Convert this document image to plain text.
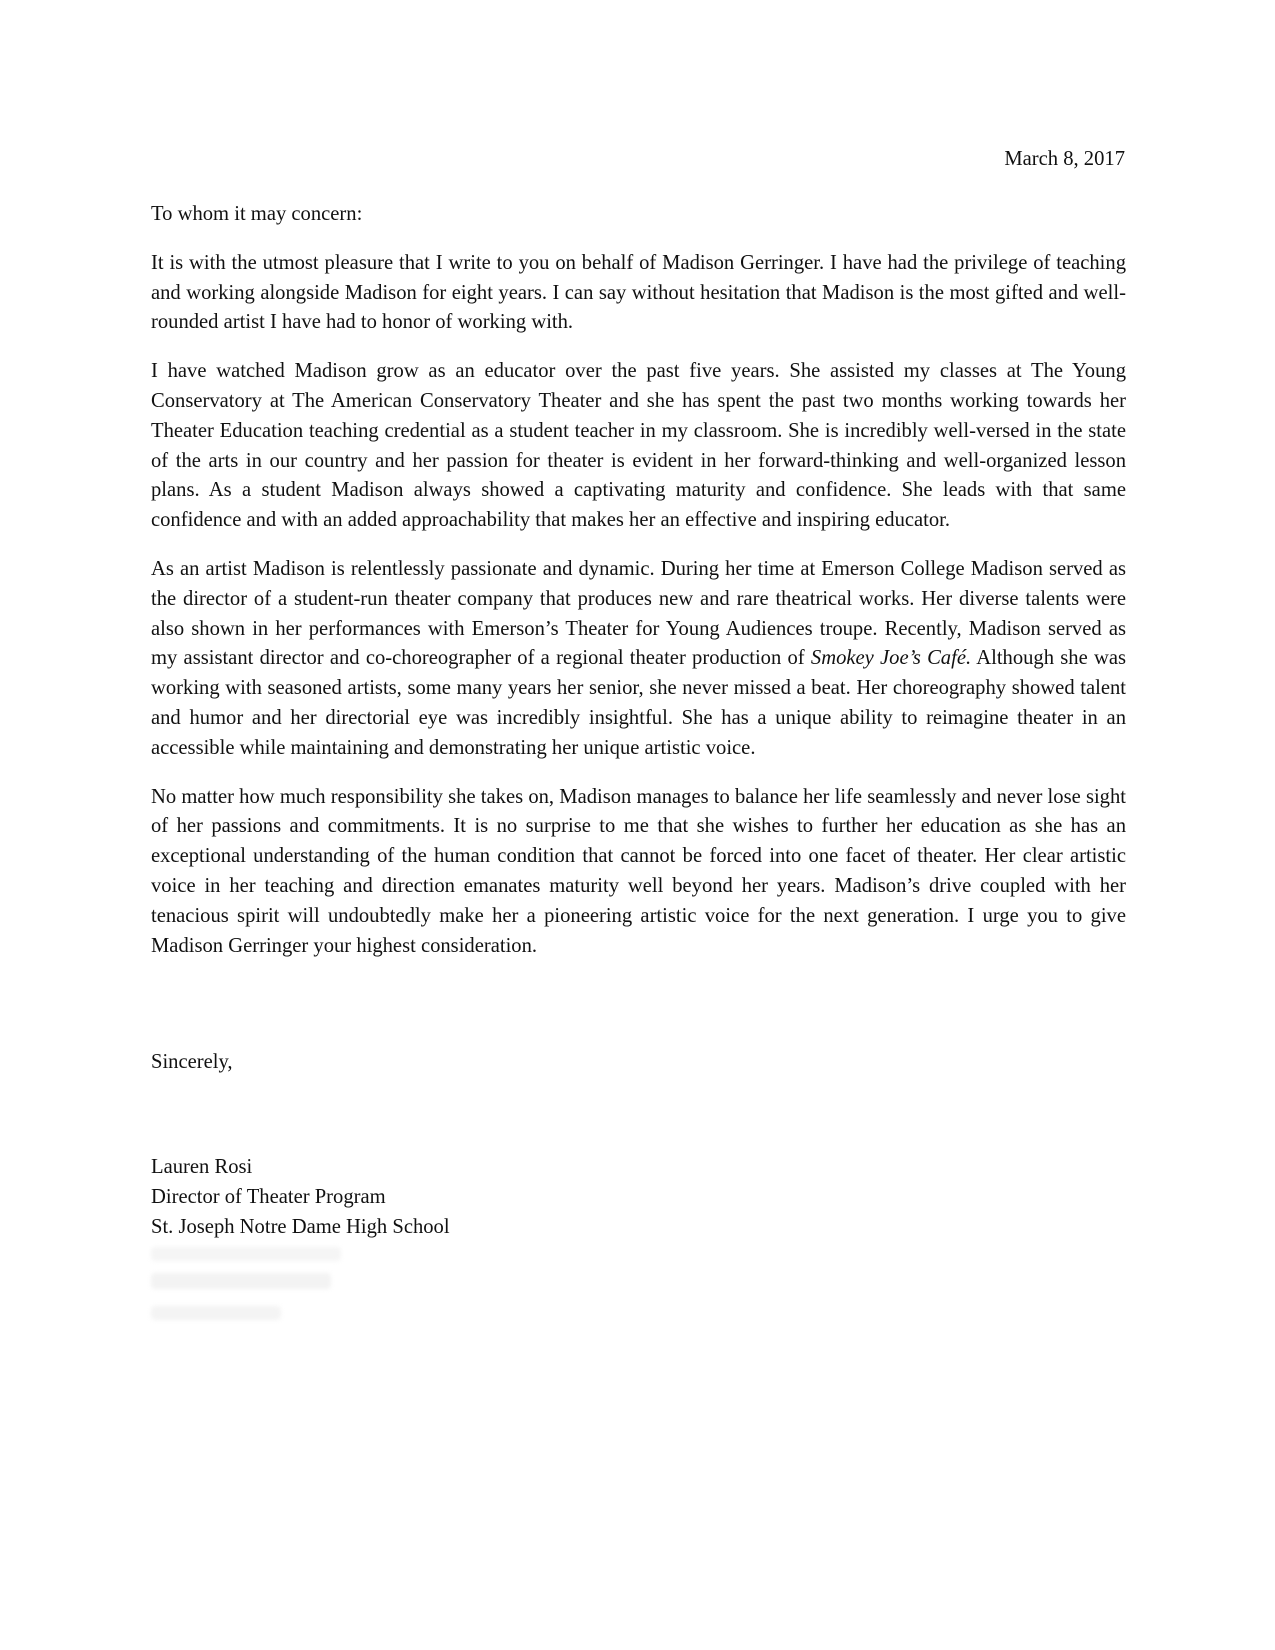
March 8, 2017

To whom it may concern:

It is with the utmost pleasure that I write to you on behalf of Madison Gerringer. I have had the privilege of teaching and working alongside Madison for eight years. I can say without hesitation that Madison is the most gifted and well-rounded artist I have had to honor of working with.

I have watched Madison grow as an educator over the past five years. She assisted my classes at The Young Conservatory at The American Conservatory Theater and she has spent the past two months working towards her Theater Education teaching credential as a student teacher in my classroom. She is incredibly well-versed in the state of the arts in our country and her passion for theater is evident in her forward-thinking and well-organized lesson plans. As a student Madison always showed a captivating maturity and confidence. She leads with that same confidence and with an added approachability that makes her an effective and inspiring educator.

As an artist Madison is relentlessly passionate and dynamic. During her time at Emerson College Madison served as the director of a student-run theater company that produces new and rare theatrical works. Her diverse talents were also shown in her performances with Emerson’s Theater for Young Audiences troupe. Recently, Madison served as my assistant director and co-choreographer of a regional theater production of Smokey Joe’s Café. Although she was working with seasoned artists, some many years her senior, she never missed a beat. Her choreography showed talent and humor and her directorial eye was incredibly insightful. She has a unique ability to reimagine theater in an accessible while maintaining and demonstrating her unique artistic voice.

No matter how much responsibility she takes on, Madison manages to balance her life seamlessly and never lose sight of her passions and commitments. It is no surprise to me that she wishes to further her education as she has an exceptional understanding of the human condition that cannot be forced into one facet of theater. Her clear artistic voice in her teaching and direction emanates maturity well beyond her years. Madison’s drive coupled with her tenacious spirit will undoubtedly make her a pioneering artistic voice for the next generation. I urge you to give Madison Gerringer your highest consideration.

Sincerely,

Lauren Rosi
Director of Theater Program
St. Joseph Notre Dame High School
